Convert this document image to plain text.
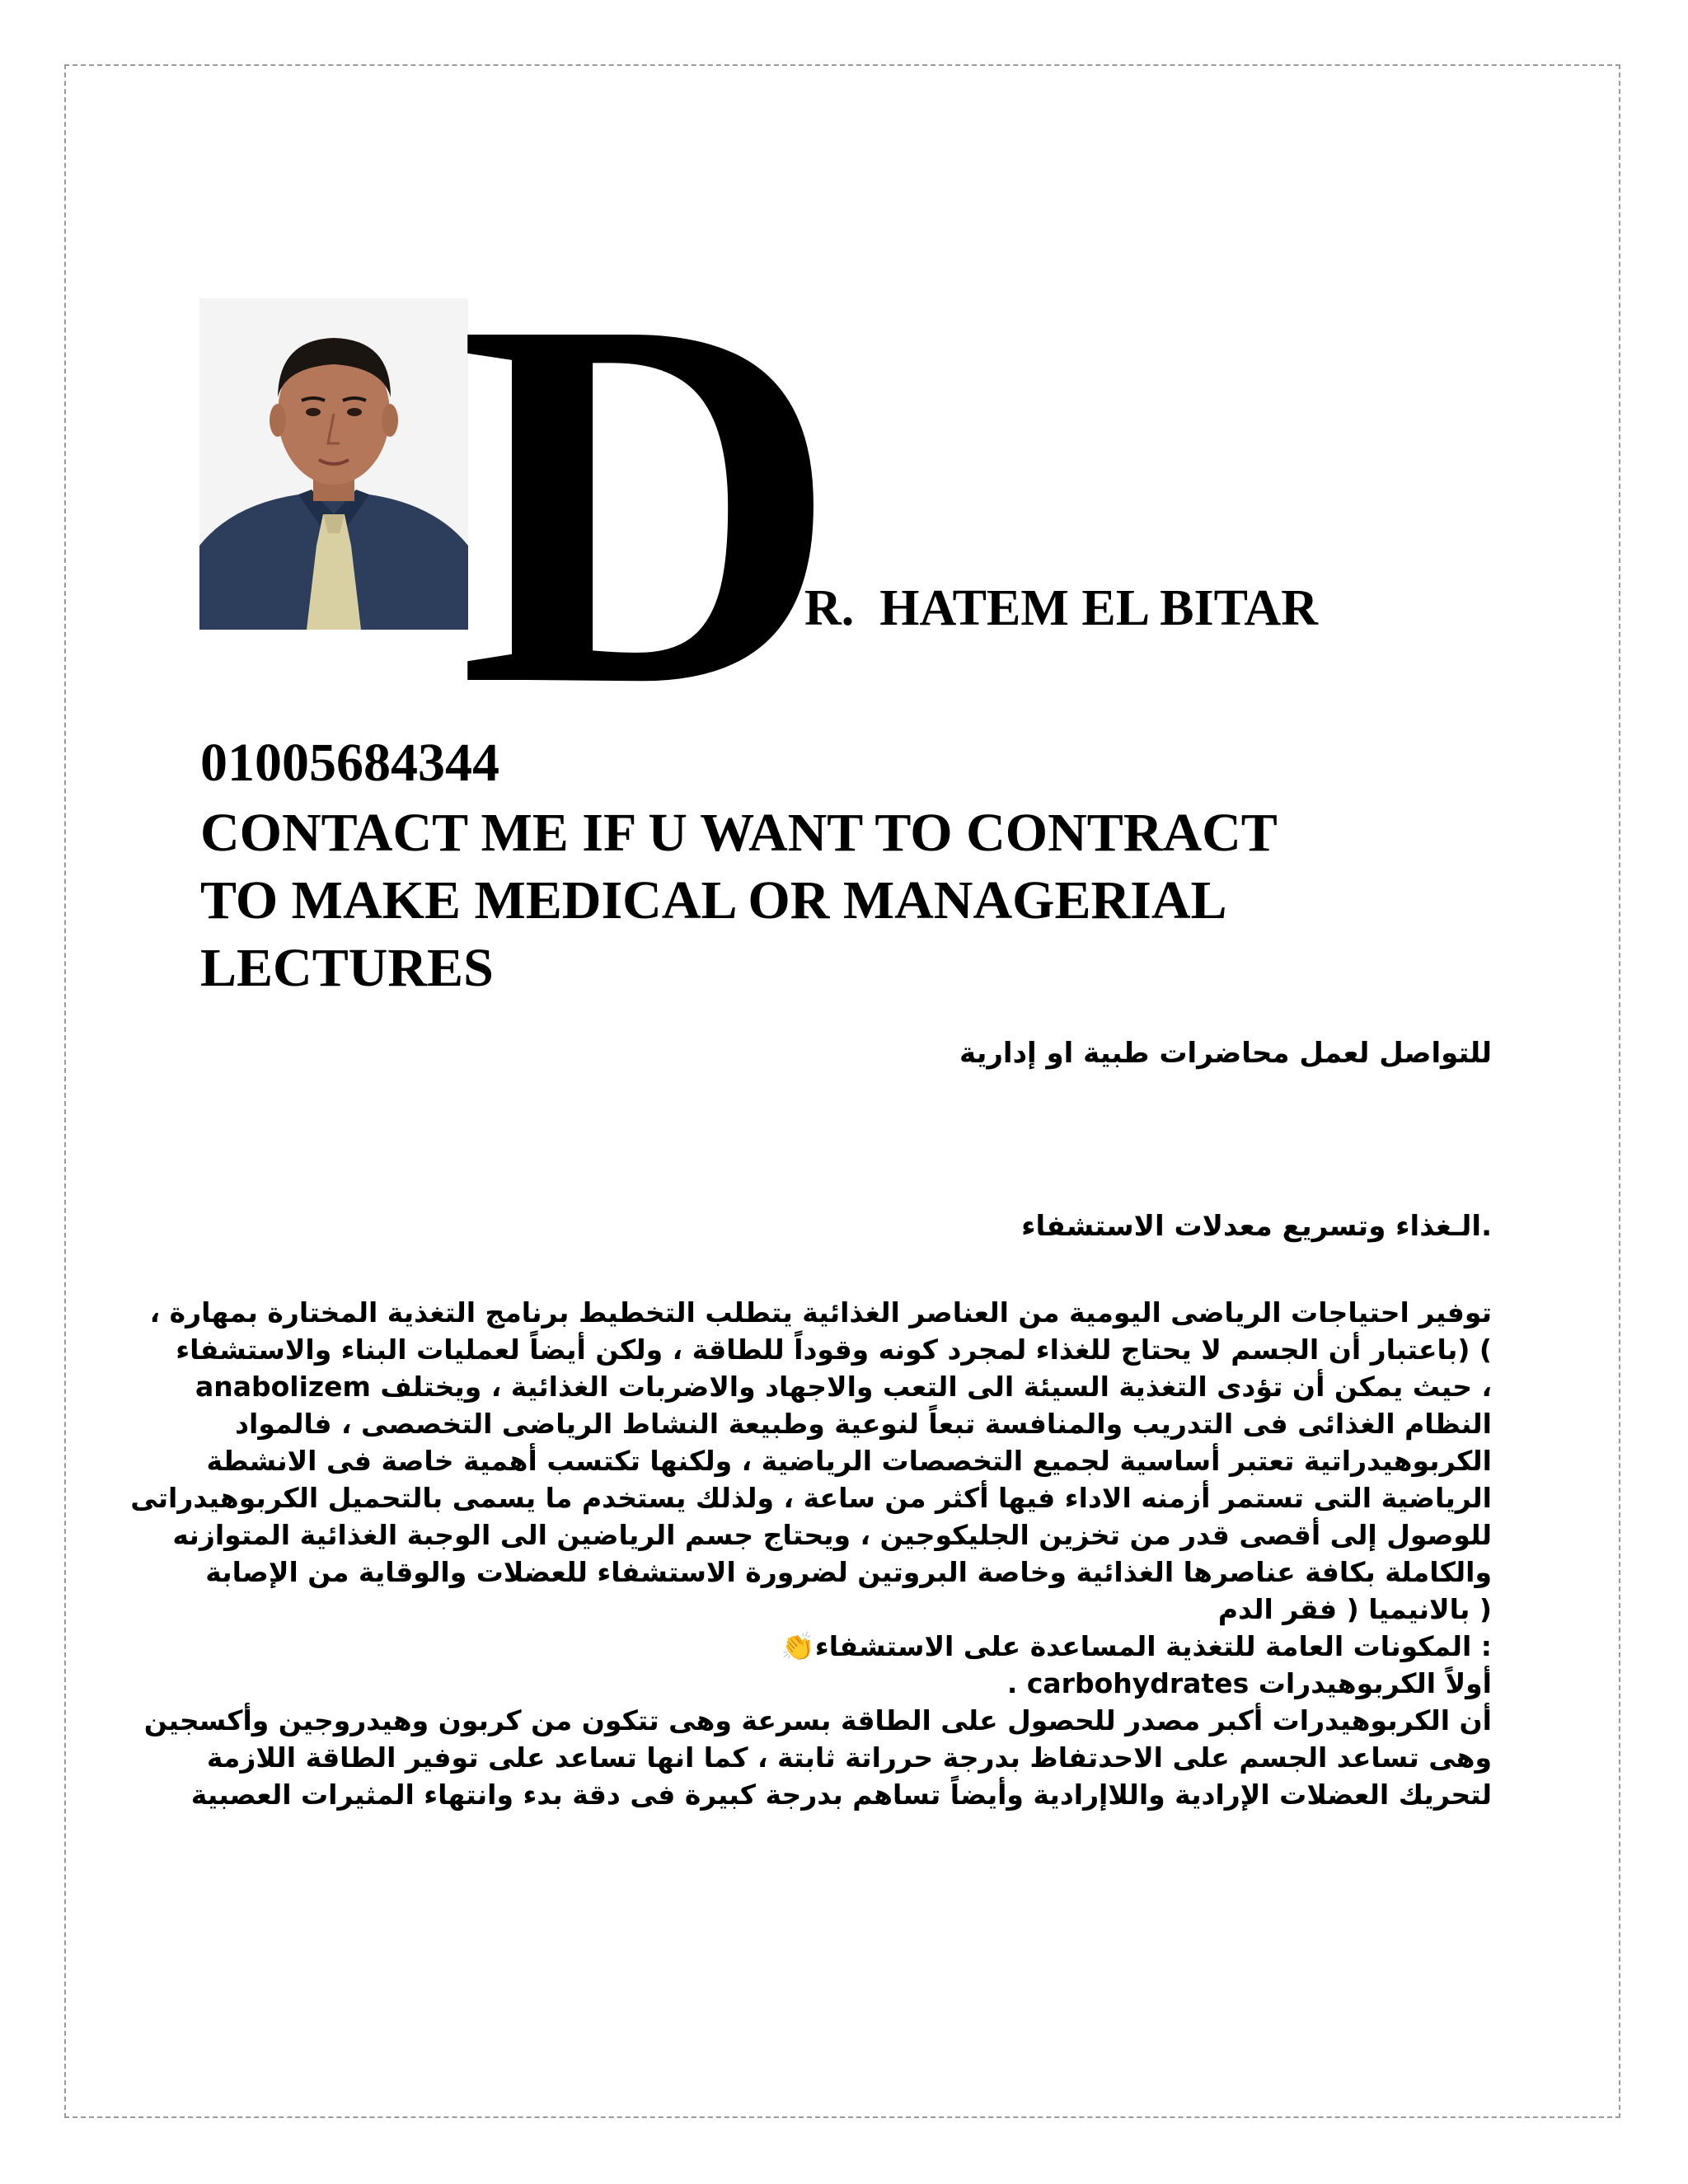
D
R.  HATEM EL BITAR
01005684344
CONTACT ME IF U WANT TO CONTRACT
TO MAKE MEDICAL OR MANAGERIAL
LECTURES
للتواصل لعمل محاضرات طبية او إدارية
.الـغذاء وتسريع معدلات الاستشفاء
توفير احتياجات الرياضى اليومية من العناصر الغذائية يتطلب التخطيط برنامج التغذية المختارة بمهارة ،
) (باعتبار أن الجسم لا يحتاج للغذاء لمجرد كونه وقوداً للطاقة ، ولكن أيضاً لعمليات البناء والاستشفاء
، حيث يمكن أن تؤدى التغذية السيئة الى التعب والاجهاد والاضربات الغذائية ، ويختلف anabolizem
النظام الغذائى فى التدريب والمنافسة تبعاً لنوعية وطبيعة النشاط الرياضى التخصصى ، فالمواد
الكربوهيدراتية تعتبر أساسية لجميع التخصصات الرياضية ، ولكنها تكتسب أهمية خاصة فى الانشطة
الرياضية التى تستمر أزمنه الاداء فيها أكثر من ساعة ، ولذلك يستخدم ما يسمى بالتحميل الكربوهيدراتى
للوصول إلى أقصى قدر من تخزين الجليكوجين ، ويحتاج جسم الرياضين الى الوجبة الغذائية المتوازنه
والكاملة بكافة عناصرها الغذائية وخاصة البروتين لضرورة الاستشفاء للعضلات والوقاية من الإصابة
( بالانيميا ( فقر الدم
: المكونات العامة للتغذية المساعدة على الاستشفاء👏
. carbohydrates أولاً الكربوهيدرات
أن الكربوهيدرات أكبر مصدر للحصول على الطاقة بسرعة وهى تتكون من كربون وهيدروجين وأكسجين
وهى تساعد الجسم على الاحدتفاظ بدرجة حرراتة ثابتة ، كما انها تساعد على توفير الطاقة اللازمة
لتحريك العضلات الإرادية واللاإرادية وأيضاً تساهم بدرجة كبيرة فى دقة بدء وانتهاء المثيرات العصبية
